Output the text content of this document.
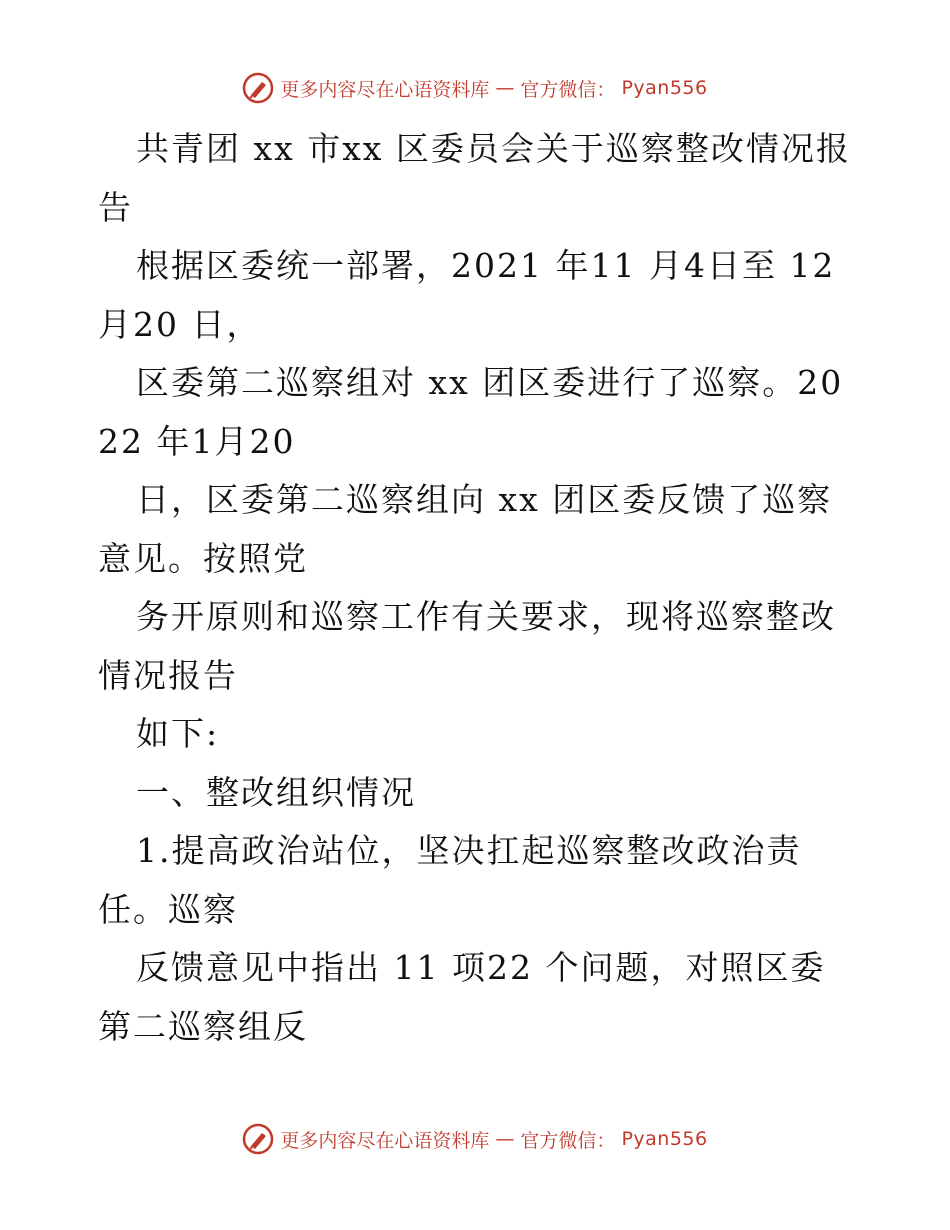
更多内容尽在心语资料库 — 官方微信： Pyan556

共青团 xx 市xx 区委员会关于巡察整改情况报告

根据区委统一部署，2021 年11 月4日至 12 月20 日，

区委第二巡察组对 xx 团区委进行了巡察。2022 年1月20

日，区委第二巡察组向 xx 团区委反馈了巡察意见。按照党

务开原则和巡察工作有关要求，现将巡察整改情况报告

如下:

一、整改组织情况

1.提高政治站位，坚决扛起巡察整改政治责任。巡察

反馈意见中指出 11 项22 个问题，对照区委第二巡察组反

更多内容尽在心语资料库 — 官方微信： Pyan556
